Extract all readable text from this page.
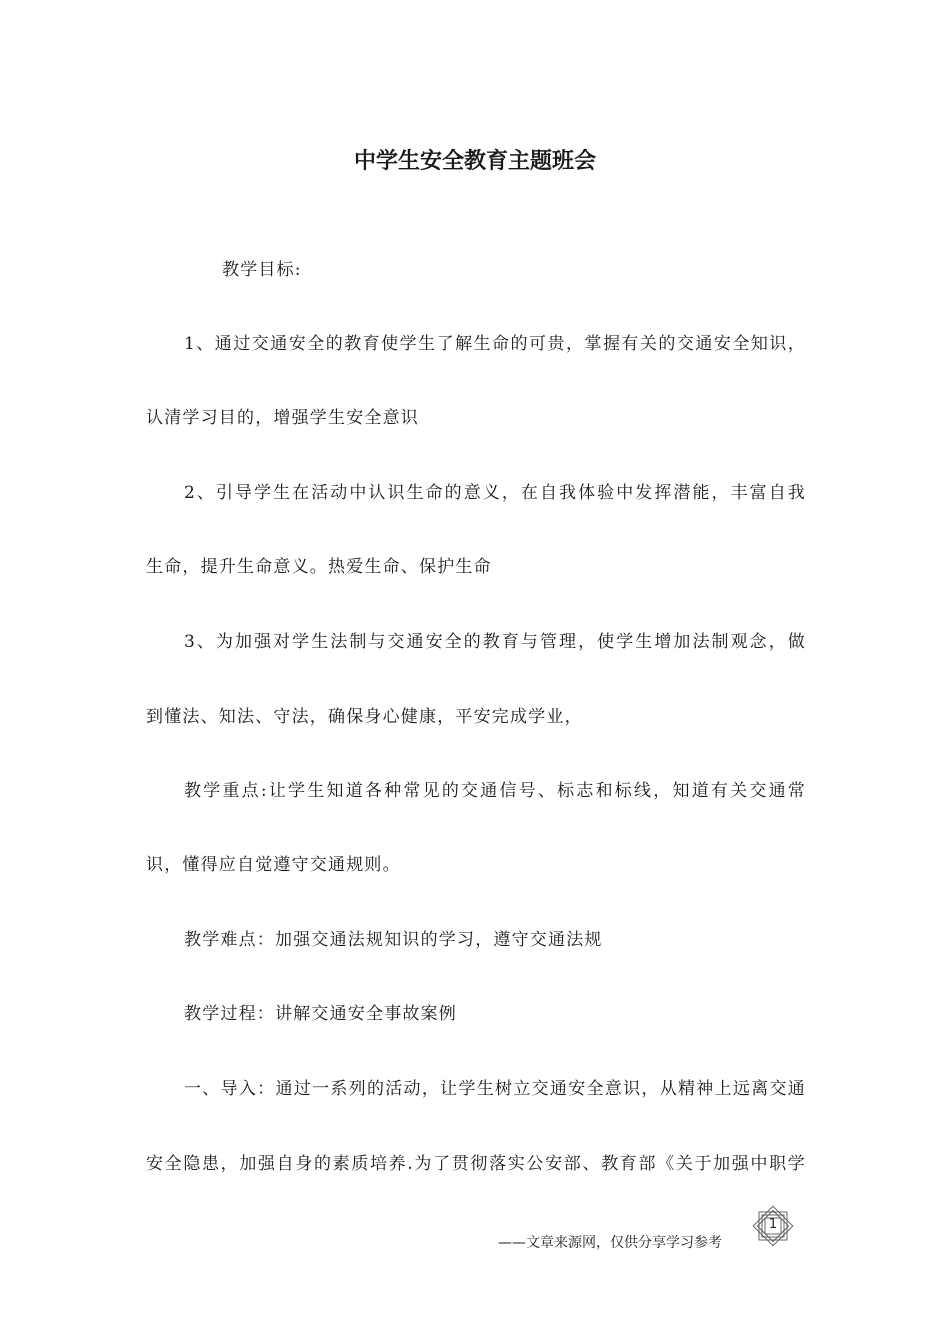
中学生安全教育主题班会
教学目标:
1、通过交通安全的教育使学生了解生命的可贵，掌握有关的交通安全知识，
认清学习目的，增强学生安全意识
2、引导学生在活动中认识生命的意义，在自我体验中发挥潜能，丰富自我
生命，提升生命意义。热爱生命、保护生命
3、为加强对学生法制与交通安全的教育与管理，使学生增加法制观念，做
到懂法、知法、守法，确保身心健康，平安完成学业，
教学重点:让学生知道各种常见的交通信号、标志和标线，知道有关交通常
识，懂得应自觉遵守交通规则。
教学难点：加强交通法规知识的学习，遵守交通法规
教学过程：讲解交通安全事故案例
一、导入：通过一系列的活动，让学生树立交通安全意识，从精神上远离交通
安全隐患，加强自身的素质培养.为了贯彻落实公安部、教育部《关于加强中职学
——文章来源网，仅供分享学习参考
1
